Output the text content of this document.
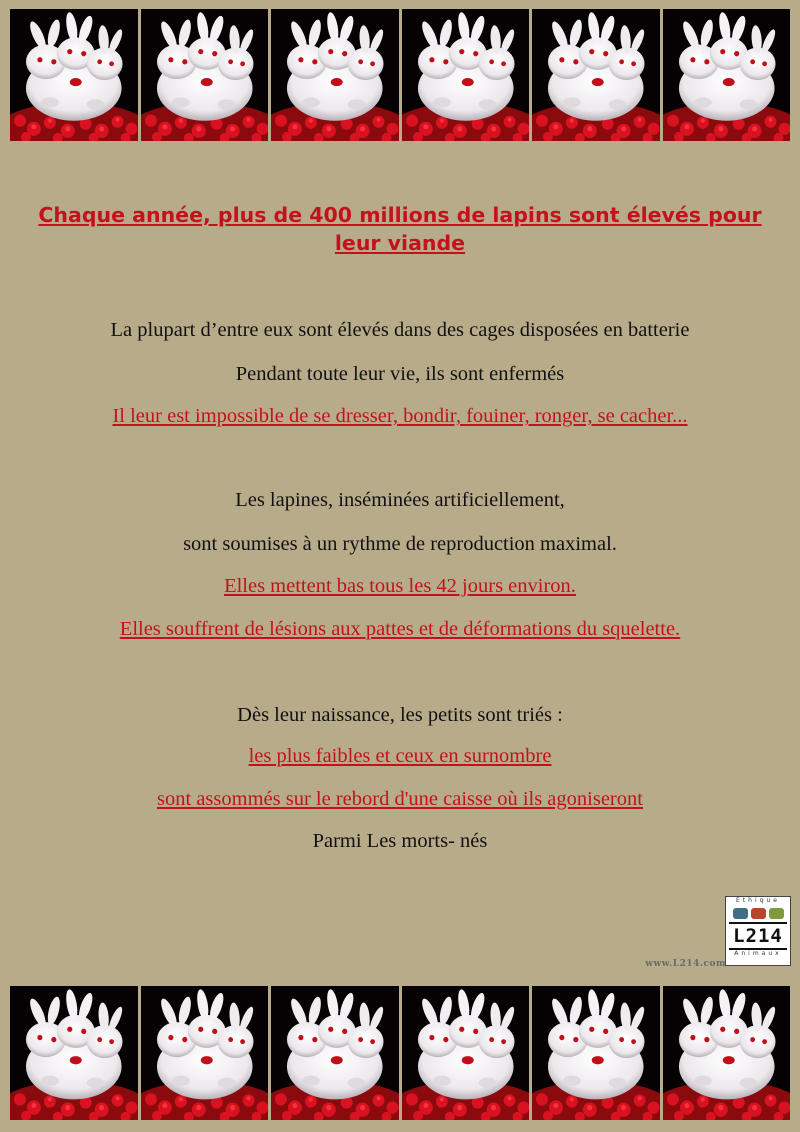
Chaque année, plus de 400 millions de lapins sont élevés pour leur viande

La plupart d’entre eux sont élevés dans des cages disposées en batterie

Pendant toute leur vie, ils sont enfermés

Il leur est impossible de se dresser, bondir, fouiner, ronger, se cacher...

Les lapines, inséminées artificiellement,

sont soumises à un rythme de reproduction maximal.

Elles mettent bas tous les 42 jours environ.

Elles souffrent de lésions aux pattes et de déformations du squelette.

Dès leur naissance, les petits sont triés :

les plus faibles et ceux en surnombre

sont assommés sur le rebord d'une caisse où ils agoniseront

Parmi Les morts- nés

Ethique
L214
Animaux
www.L214.com
